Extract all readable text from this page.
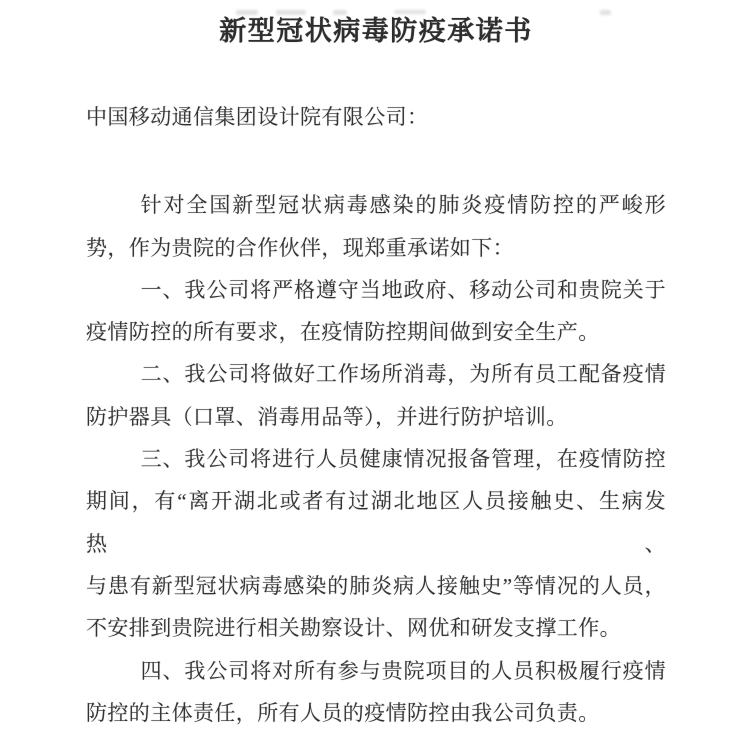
新型冠状病毒防疫承诺书
中国移动通信集团设计院有限公司：
针对全国新型冠状病毒感染的肺炎疫情防控的严峻形
势，作为贵院的合作伙伴，现郑重承诺如下：
一、我公司将严格遵守当地政府、移动公司和贵院关于
疫情防控的所有要求，在疫情防控期间做到安全生产。
二、我公司将做好工作场所消毒，为所有员工配备疫情
防护器具（口罩、消毒用品等），并进行防护培训。
三、我公司将进行人员健康情况报备管理，在疫情防控
期间，有“离开湖北或者有过湖北地区人员接触史、生病发热、
与患有新型冠状病毒感染的肺炎病人接触史”等情况的人员，
不安排到贵院进行相关勘察设计、网优和研发支撑工作。
四、我公司将对所有参与贵院项目的人员积极履行疫情
防控的主体责任，所有人员的疫情防控由我公司负责。
